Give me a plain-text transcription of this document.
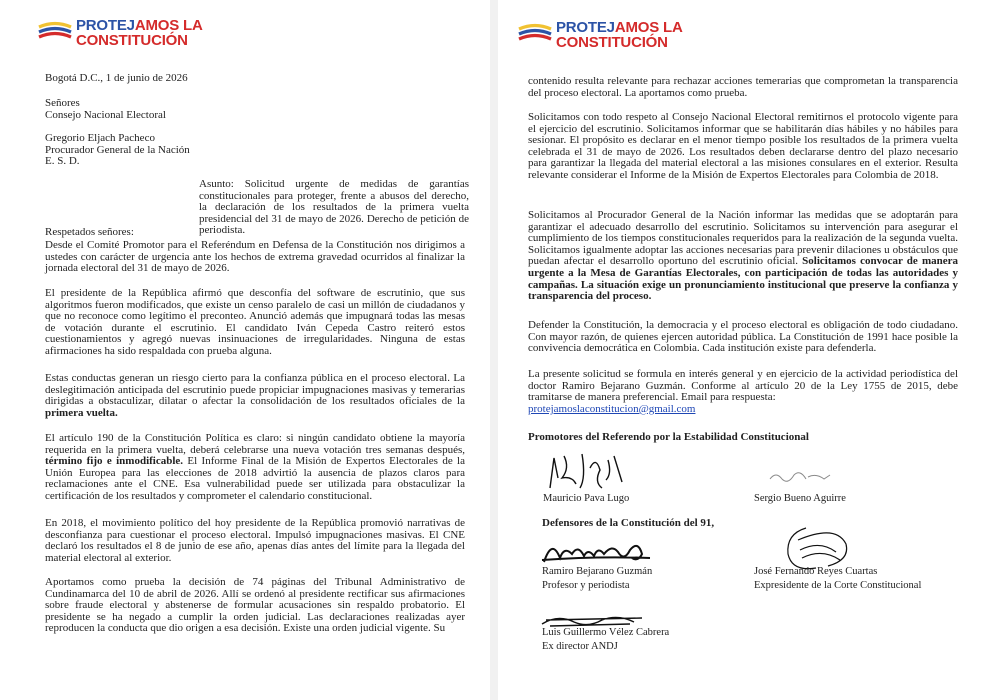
PROTEJAMOS LA
CONSTITUCIÓN
Bogotá D.C., 1 de junio de 2026

Señores

Consejo Nacional Electoral

Gregorio Eljach Pacheco

Procurador General de la Nación

E. S. D.

Asunto: Solicitud urgente de medidas de garantías constitucionales para proteger, frente a abusos del derecho, la declaración de los resultados de la primera vuelta presidencial del 31 de mayo de 2026. Derecho de petición de periodista.
Respetados señores:
Desde el Comité Promotor para el Referéndum en Defensa de la Constitución nos dirigimos a ustedes con carácter de urgencia ante los hechos de extrema gravedad ocurridos al finalizar la jornada electoral del 31 de mayo de 2026.
El presidente de la República afirmó que desconfía del software de escrutinio, que sus algoritmos fueron modificados, que existe un censo paralelo de casi un millón de ciudadanos y que no reconoce como legítimo el preconteo. Anunció además que impugnará todas las mesas de votación durante el escrutinio. El candidato Iván Cepeda Castro reiteró estos cuestionamientos y agregó nuevas insinuaciones de irregularidades. Ninguna de estas afirmaciones ha sido respaldada con prueba alguna.
Estas conductas generan un riesgo cierto para la confianza pública en el proceso electoral. La deslegitimación anticipada del escrutinio puede propiciar impugnaciones masivas y temerarias dirigidas a obstaculizar, dilatar o afectar la consolidación de los resultados oficiales de la primera vuelta.
El artículo 190 de la Constitución Política es claro: si ningún candidato obtiene la mayoría requerida en la primera vuelta, deberá celebrarse una nueva votación tres semanas después, término fijo e inmodificable. El Informe Final de la Misión de Expertos Electorales de la Unión Europea para las elecciones de 2018 advirtió la ausencia de plazos claros para reclamaciones ante el CNE. Esa vulnerabilidad puede ser utilizada para obstaculizar la certificación de los resultados y comprometer el calendario constitucional.
En 2018, el movimiento político del hoy presidente de la República promovió narrativas de desconfianza para cuestionar el proceso electoral. Impulsó impugnaciones masivas. El CNE declaró los resultados el 8 de junio de ese año, apenas días antes del límite para la llegada del material electoral al exterior.
Aportamos como prueba la decisión de 74 páginas del Tribunal Administrativo de Cundinamarca del 10 de abril de 2026. Allí se ordenó al presidente rectificar sus afirmaciones sobre fraude electoral y abstenerse de formular acusaciones sin respaldo probatorio. El presidente se ha negado a cumplir la orden judicial. Las declaraciones realizadas ayer reproducen la conducta que dio origen a esa decisión. Existe una orden judicial vigente. Su
PROTEJAMOS LA
CONSTITUCIÓN
contenido resulta relevante para rechazar acciones temerarias que comprometan la transparencia del proceso electoral. La aportamos como prueba.
Solicitamos con todo respeto al Consejo Nacional Electoral remitirnos el protocolo vigente para el ejercicio del escrutinio. Solicitamos informar que se habilitarán días hábiles y no hábiles para sesionar. El propósito es declarar en el menor tiempo posible los resultados de la primera vuelta celebrada el 31 de mayo de 2026. Los resultados deben declararse dentro del plazo necesario para garantizar la llegada del material electoral a las misiones consulares en el exterior. Resulta relevante considerar el Informe de la Misión de Expertos Electorales para Colombia de 2018.
Solicitamos al Procurador General de la Nación informar las medidas que se adoptarán para garantizar el adecuado desarrollo del escrutinio. Solicitamos su intervención para asegurar el cumplimiento de los tiempos constitucionales requeridos para la realización de la segunda vuelta. Solicitamos igualmente adoptar las acciones necesarias para prevenir dilaciones u obstáculos que puedan afectar el desarrollo oportuno del escrutinio oficial. Solicitamos convocar de manera urgente a la Mesa de Garantías Electorales, con participación de todas las autoridades y campañas. La situación exige un pronunciamiento institucional que preserve la confianza y transparencia del proceso.
Defender la Constitución, la democracia y el proceso electoral es obligación de todo ciudadano. Con mayor razón, de quienes ejercen autoridad pública. La Constitución de 1991 hace posible la convivencia democrática en Colombia. Cada institución existe para defenderla.
La presente solicitud se formula en interés general y en ejercicio de la actividad periodística del doctor Ramiro Bejarano Guzmán. Conforme al artículo 20 de la Ley 1755 de 2015, debe tramitarse de manera preferencial. Email para respuesta:
protejamoslaconstitucion@gmail.com
Promotores del Referendo por la Estabilidad Constitucional
Mauricio Pava Lugo	Sergio Bueno Aguirre
Defensores de la Constitución del 91,
Ramiro Bejarano Guzmán
Profesor y periodista
José Fernando Reyes Cuartas
Expresidente de la Corte Constitucional
Luis Guillermo Vélez Cabrera
Ex director ANDJ
